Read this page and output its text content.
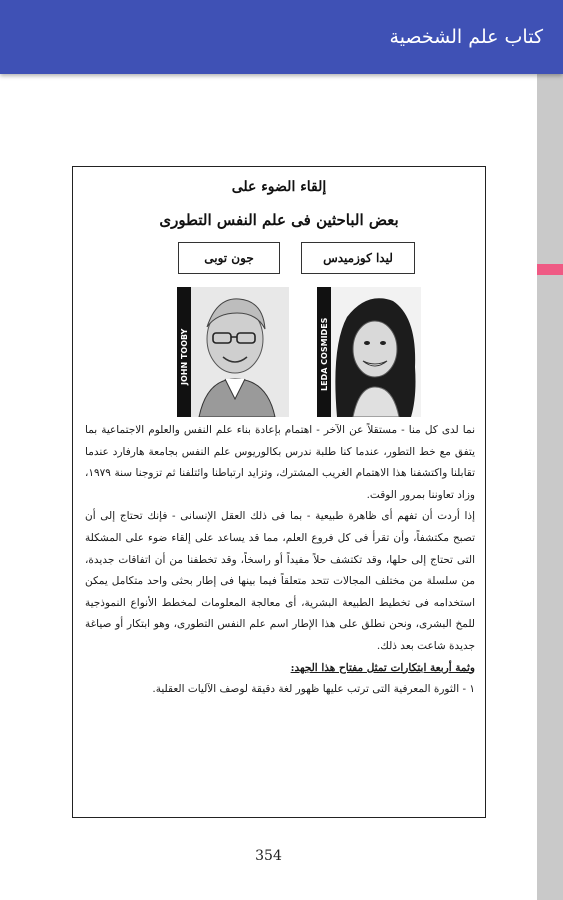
كتاب علم الشخصية
إلقاء الضوء على
بعض الباحثين فى علم النفس التطورى
ليدا كوزميدس
جون توبى
JOHN TOOBY	LEDA COSMIDES

نما لدى كل منا - مستقلاً عن الآخر - اهتمام بإعادة بناء علم النفس والعلوم الاجتماعية بما يتفق مع خط التطور، عندما كنا طلبة ندرس بكالوريوس علم النفس بجامعة هارفارد عندما تقابلنا واكتشفنا هذا الاهتمام الغريب المشترك، وتزايد ارتباطنا وائتلفنا ثم تزوجنا سنة ١٩٧٩، وزاد تعاوننا بمرور الوقت.

إذا أردت أن تفهم أى ظاهرة طبيعية - بما فى ذلك العقل الإنسانى - فإنك تحتاج إلى أن تصبح مكتشفاً، وأن تقرأ فى كل فروع العلم، مما قد يساعد على إلقاء ضوء على المشكلة التى تحتاج إلى حلها، وقد تكتشف حلاً مفيداً أو راسخاً، وقد تخطفنا من أن اتفاقات جديدة، من سلسلة من مختلف المجالات تتحد متعلقاً فيما بينها فى إطار بحثى واحد متكامل يمكن استخدامه فى تخطيط الطبيعة البشرية، أى معالجة المعلومات لمخطط الأنواع النموذجية للمخ البشرى، ونحن نطلق على هذا الإطار اسم علم النفس التطورى، وهو ابتكار أو صياغة جديدة شاعت بعد ذلك.

وثمة أربعة ابتكارات تمثل مفتاح هذا الجهد:

١ - الثورة المعرفية التى ترتب عليها ظهور لغة دقيقة لوصف الآليات العقلية.

354
